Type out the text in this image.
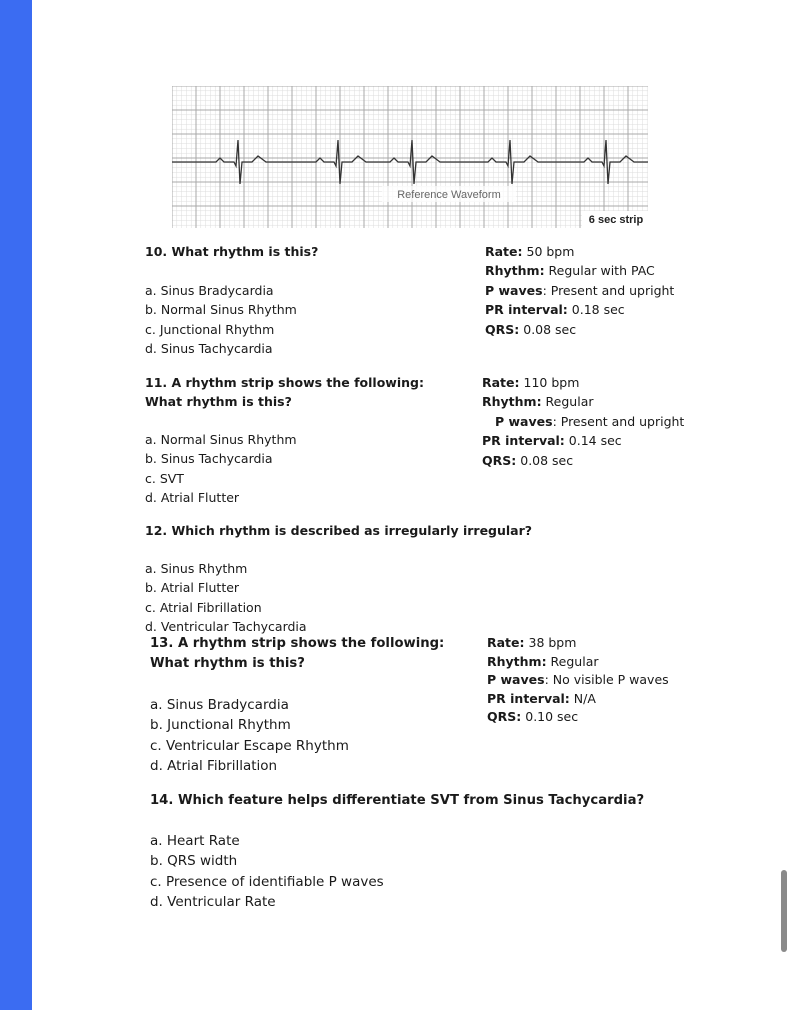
Reference Waveform
6 sec strip
10. What rhythm is this?
a. Sinus Bradycardia
b. Normal Sinus Rhythm
c. Junctional Rhythm
d. Sinus Tachycardia
Rate: 50 bpm
Rhythm: Regular with PAC
P waves: Present and upright
PR interval: 0.18 sec
QRS: 0.08 sec
11. A rhythm strip shows the following:
What rhythm is this?
a. Normal Sinus Rhythm
b. Sinus Tachycardia
c. SVT
d. Atrial Flutter
Rate: 110 bpm
Rhythm: Regular
P waves: Present and upright
PR interval: 0.14 sec
QRS: 0.08 sec
12. Which rhythm is described as irregularly irregular?
a. Sinus Rhythm
b. Atrial Flutter
c. Atrial Fibrillation
d. Ventricular Tachycardia
13. A rhythm strip shows the following:
What rhythm is this?
a. Sinus Bradycardia
b. Junctional Rhythm
c. Ventricular Escape Rhythm
d. Atrial Fibrillation
Rate: 38 bpm
Rhythm: Regular
P waves: No visible P waves
PR interval: N/A
QRS: 0.10 sec
14. Which feature helps differentiate SVT from Sinus Tachycardia?
a. Heart Rate
b. QRS width
c. Presence of identifiable P waves
d. Ventricular Rate
